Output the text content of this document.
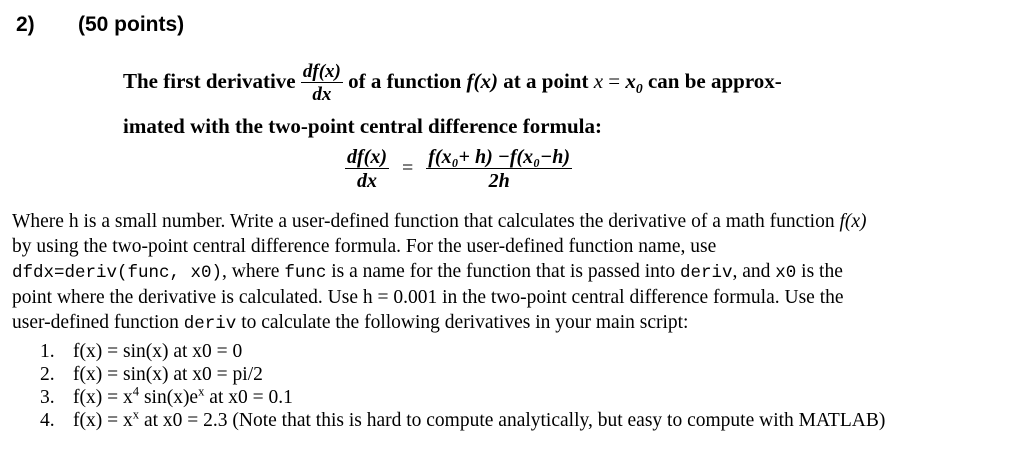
2) (50 points)
The first derivative $\frac{df(x)}{dx}$ of a function f(x) at a point $x = x_0$ can be approx-
imated with the two-point central difference formula:
$\frac{df(x)}{dx} = \frac{\text{f(x₀+ h) −f(x₀−h)}}{2h}$
Where h is a small number. Write a user-defined function that calculates the derivative of a math function f(x)
by using the two-point central difference formula. For the user-defined function name, use
dfdx=deriv(func, x0), where func is a name for the function that is passed into deriv, and x0 is the
point where the derivative is calculated. Use h = 0.001 in the two-point central difference formula. Use the
user-defined function deriv to calculate the following derivatives in your main script:
1. f(x) = sin(x) at x0 = 0
2. f(x) = sin(x) at x0 = pi/2
3. $f(x) = x^4$ $\sin(x)e^x$ at x0 = 0.1
4. $f(x) = x^x$ at x0 = 2.3 (Note that this is hard to compute analytically, but easy to compute with MATLAB)
